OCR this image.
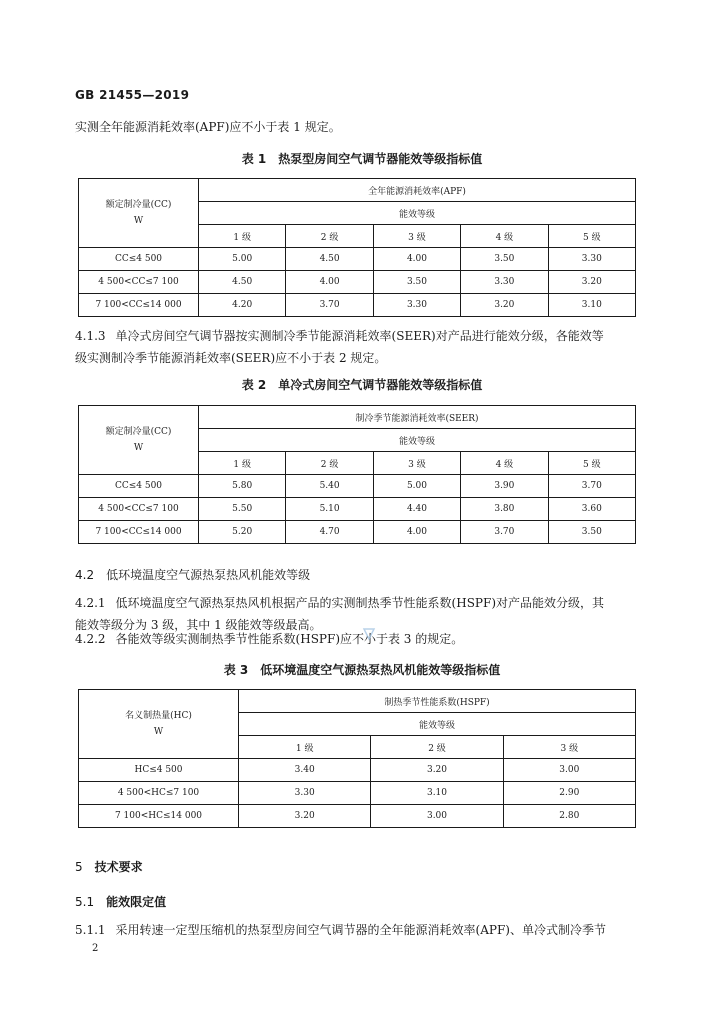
GB 21455—2019
实测全年能源消耗效率(APF)应不小于表 1 规定。
表 1　热泵型房间空气调节器能效等级指标值
额定制冷量(CC)
W	全年能源消耗效率(APF)				
	能效等级				
	1 级	2 级	3 级	4 级	5 级
CC≤4 500	5.00	4.50	4.00	3.50	3.30
4 500<CC≤7 100	4.50	4.00	3.50	3.30	3.20
7 100<CC≤14 000	4.20	3.70	3.30	3.20	3.10
4.1.3 单冷式房间空气调节器按实测制冷季节能源消耗效率(SEER)对产品进行能效分级，各能效等
级实测制冷季节能源消耗效率(SEER)应不小于表 2 规定。
表 2　单冷式房间空气调节器能效等级指标值
额定制冷量(CC)
W	制冷季节能源消耗效率(SEER)				
	能效等级				
	1 级	2 级	3 级	4 级	5 级
CC≤4 500	5.80	5.40	5.00	3.90	3.70
4 500<CC≤7 100	5.50	5.10	4.40	3.80	3.60
7 100<CC≤14 000	5.20	4.70	4.00	3.70	3.50
4.2 低环境温度空气源热泵热风机能效等级
4.2.1 低环境温度空气源热泵热风机根据产品的实测制热季节性能系数(HSPF)对产品能效分级，其
能效等级分为 3 级，其中 1 级能效等级最高。
4.2.2 各能效等级实测制热季节性能系数(HSPF)应不小于表 3 的规定。
表 3　低环境温度空气源热泵热风机能效等级指标值
名义制热量(HC)
W	制热季节性能系数(HSPF)		
	能效等级		
	1 级	2 级	3 级
HC≤4 500	3.40	3.20	3.00
4 500<HC≤7 100	3.30	3.10	2.90
7 100<HC≤14 000	3.20	3.00	2.80
5 技术要求
5.1 能效限定值
5.1.1 采用转速一定型压缩机的热泵型房间空气调节器的全年能源消耗效率(APF)、单冷式制冷季节
2
